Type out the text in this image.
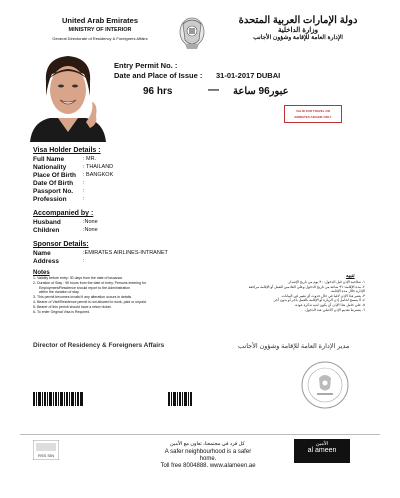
United Arab Emirates
MINISTRY OF INTERIOR
General Directorate of Residency & Foreigners Affairs
دولة الإمارات العربية المتحدة
وزارة الداخلية
الإدارة العامة للإقامة وشؤون الأجانب
Entry Permit No. :
Date and Place of Issue : 31-01-2017 DUBAI
96 hrs	— عبور96 ساعة
VALID FOR TRAVEL ON
EMIRATES AIRLINE ONLY
Visa Holder Details :
Full Name	: MR.
Nationality	: THAILAND
Place Of Birth : BANGKOK
Date Of Birth :
Passport No. :
Profession	:
Accompanied by :
Husband	:None
Children	:None
Sponsor Details:
Name	:EMIRATES AIRLINES-INTRANET
Address	:
Notes
1- Validity before entry: 30 days from the date of issuance.
2- Duration of Stay : 96 hours from the date of entry. Persons entering for
Employment/Residence should report to the Administration
within the duration of stay.
3- This permit becomes invalid if any alteration occurs in details.
4- Bearer of Visit/Residence permit is not allowed to work, paid or unpaid.
5- Bearer of this permit should have a return ticket.
6- To enter Original Visa is Required.
تنبيه
١- صلاحية الإذن قبل الدخول: ٣٠ يوم من تاريخ الإصدار.
٢- مدة الإقامة: ٩٦ ساعة من تاريخ الدخول وعلى القادمين للعمل أو الإقامة مراجعة
الإدارة خلال مدة الإقامة.
٣- يعتبر هذا الإذن لاغيا في حال حدوث أي تغيير في البيانات.
٤- لا يسمح لحامل إذن الزيارة أو الإقامة بالعمل بأجر أو بدون أجر.
٥- على حامل هذا الإذن أن يكون لديه تذكرة عودة.
٦- يشترط تقديم الإذن الأصلي عند الدخول.
Director of Residency & Foreigners Affairs	مدير الإدارة العامة للإقامة وشؤون الأجانب
RSS SIN
كل فرد في مجتمعنا، تعاون مع الأمين
A safer neighbourhood is a safer home.
Toll free 8004888. www.alameen.ae
الأمين
al ameen
